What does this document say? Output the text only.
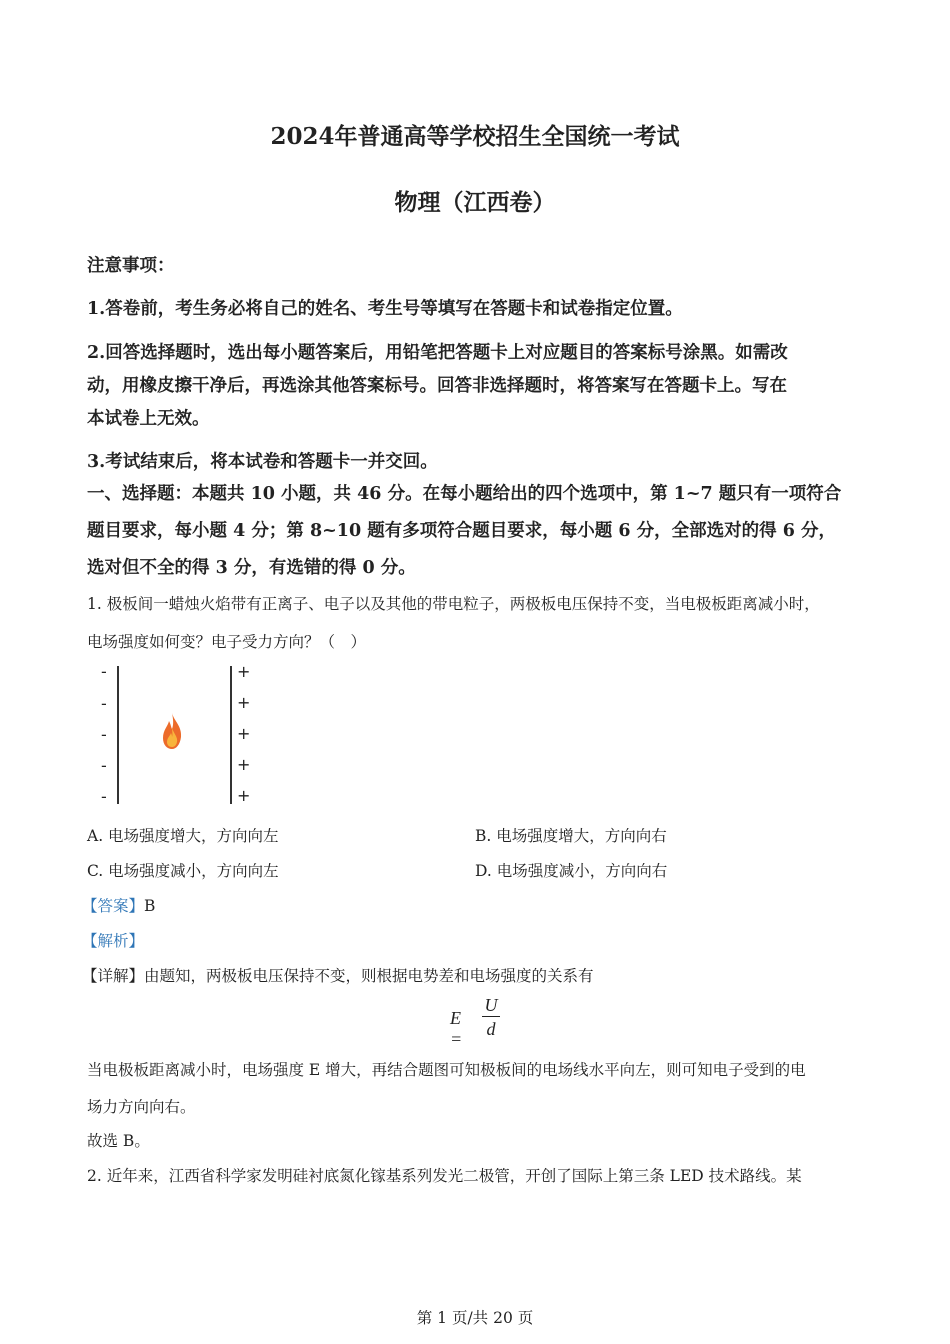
2024年普通高等学校招生全国统一考试
物理（江西卷）
注意事项：
1.答卷前，考生务必将自己的姓名、考生号等填写在答题卡和试卷指定位置。
2.回答选择题时，选出每小题答案后，用铅笔把答题卡上对应题目的答案标号涂黑。如需改
动，用橡皮擦干净后，再选涂其他答案标号。回答非选择题时，将答案写在答题卡上。写在
本试卷上无效。
3.考试结束后，将本试卷和答题卡一并交回。
一、选择题：本题共 10 小题，共 46 分。在每小题给出的四个选项中，第 1~7 题只有一项符合
题目要求，每小题 4 分；第 8~10 题有多项符合题目要求，每小题 6 分，全部选对的得 6 分，
选对但不全的得 3 分，有选错的得 0 分。
1. 极板间一蜡烛火焰带有正离子、电子以及其他的带电粒子，两极板电压保持不变，当电极板距离减小时，
电场强度如何变？电子受力方向？（　）
-
-
-
-
-
+
+
+
+
+
A. 电场强度增大，方向向左	B. 电场强度增大，方向向右
C. 电场强度减小，方向向左	D. 电场强度减小，方向向右
【答案】B
【解析】
【详解】由题知，两极板电压保持不变，则根据电势差和电场强度的关系有
E =
U
d
当电极板距离减小时，电场强度 E 增大，再结合题图可知极板间的电场线水平向左，则可知电子受到的电
场力方向向右。
故选 B。
2. 近年来，江西省科学家发明硅衬底氮化镓基系列发光二极管，开创了国际上第三条 LED 技术路线。某
第 1 页/共 20 页
